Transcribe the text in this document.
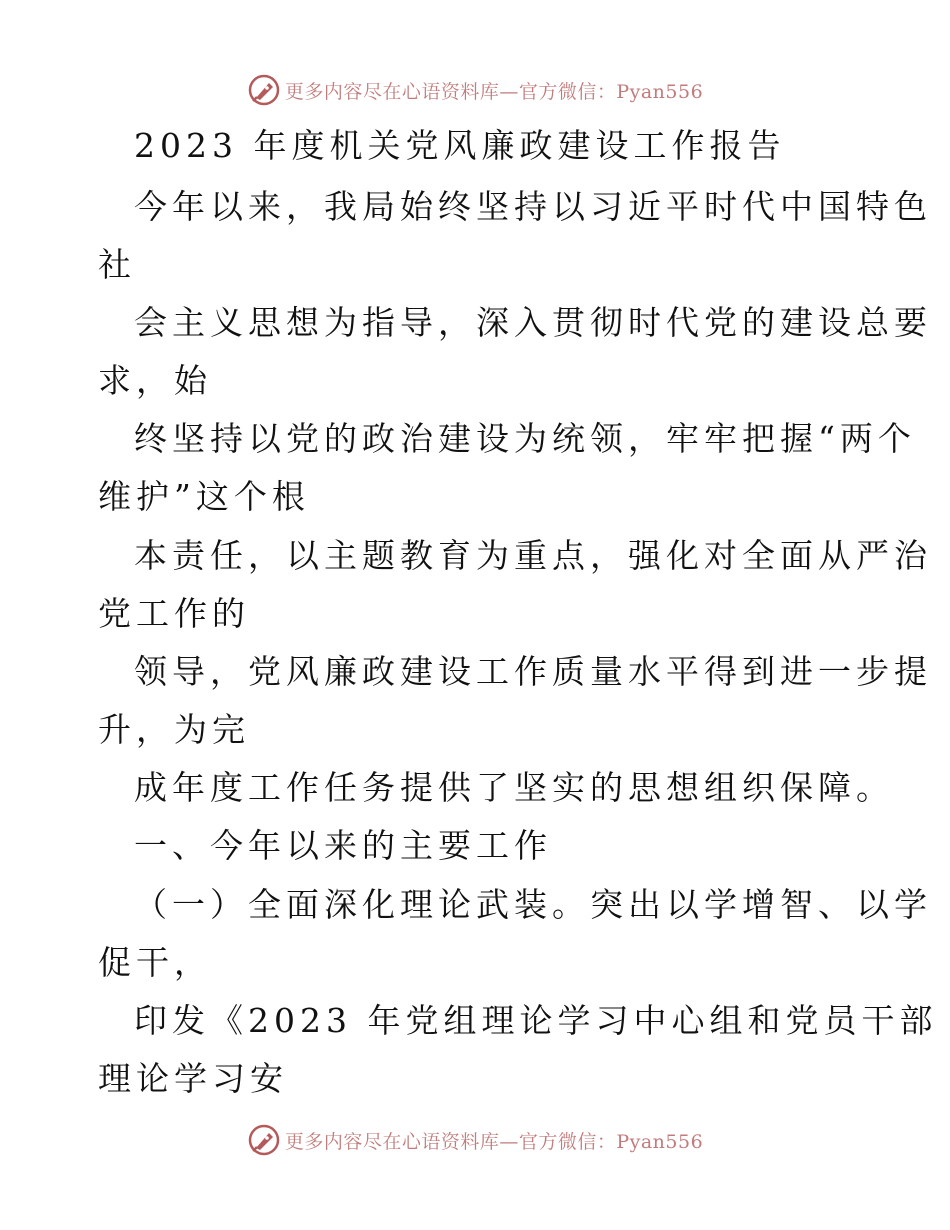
更多内容尽在心语资料库—官方微信：Pyan556
2023 年度机关党风廉政建设工作报告
今年以来，我局始终坚持以习近平时代中国特色
社
会主义思想为指导，深入贯彻时代党的建设总要
求，始
终坚持以党的政治建设为统领，牢牢把握“两个
维护”这个根
本责任，以主题教育为重点，强化对全面从严治
党工作的
领导，党风廉政建设工作质量水平得到进一步提
升，为完
成年度工作任务提供了坚实的思想组织保障。
一、今年以来的主要工作
（一）全面深化理论武装。突出以学增智、以学
促干，
印发《2023 年党组理论学习中心组和党员干部
理论学习安
更多内容尽在心语资料库—官方微信：Pyan556
